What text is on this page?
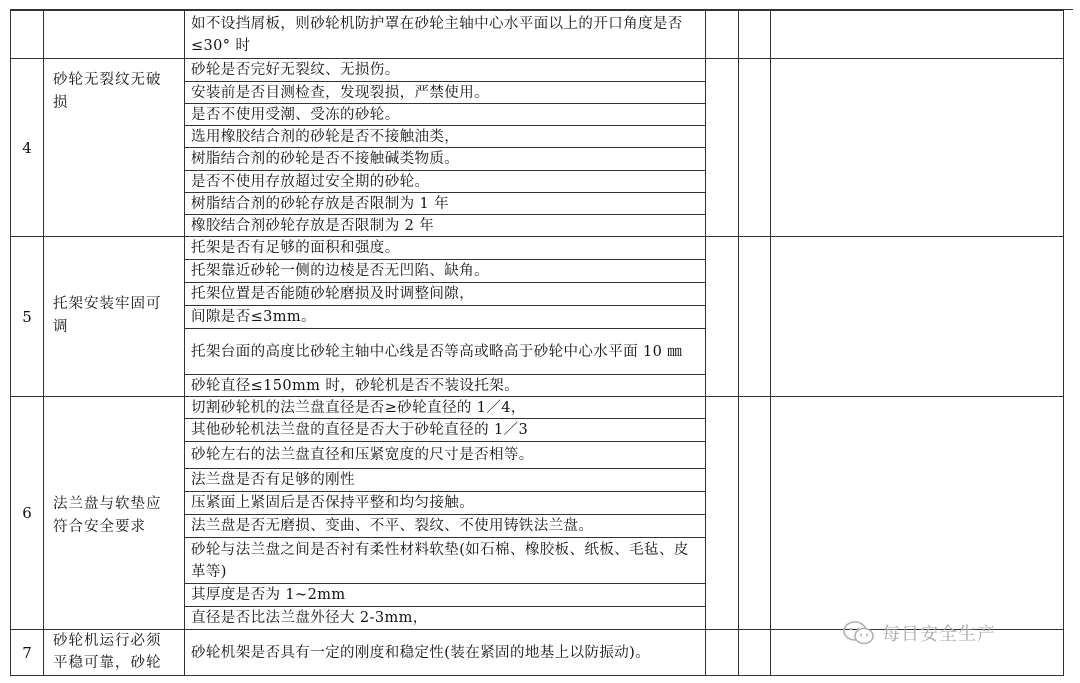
		如不设挡屑板，则砂轮机防护罩在砂轮主轴中心水平面以上的开口角度是否≤30° 时			
4	砂轮无裂纹无破损	砂轮是否完好无裂纹、无损伤。			
		安装前是否目测检查，发现裂损，严禁使用。			
		是否不使用受潮、受冻的砂轮。			
		选用橡胶结合剂的砂轮是否不接触油类，			
		树脂结合剂的砂轮是否不接触碱类物质。			
		是否不使用存放超过安全期的砂轮。			
		树脂结合剂的砂轮存放是否限制为 1 年			
		橡胶结合剂砂轮存放是否限制为 2 年			
5	托架安装牢固可调	托架是否有足够的面积和强度。			
		托架靠近砂轮一侧的边棱是否无凹陷、缺角。			
		托架位置是否能随砂轮磨损及时调整间隙，			
		间隙是否≤3mm。			
		托架台面的高度比砂轮主轴中心线是否等高或略高于砂轮中心水平面 10 ㎜			
		砂轮直径≤150mm 时，砂轮机是否不装设托架。			
6	法兰盘与软垫应符合安全要求	切割砂轮机的法兰盘直径是否≥砂轮直径的 1／4，			
		其他砂轮机法兰盘的直径是否大于砂轮直径的 1／3			
		砂轮左右的法兰盘直径和压紧宽度的尺寸是否相等。			
		法兰盘是否有足够的刚性			
		压紧面上紧固后是否保持平整和均匀接触。			
		法兰盘是否无磨损、变曲、不平、裂纹、不使用铸铁法兰盘。			
		砂轮与法兰盘之间是否衬有柔性材料软垫(如石棉、橡胶板、纸板、毛毡、皮革等)			
		其厚度是否为 1~2mm			
		直径是否比法兰盘外径大 2-3mm，			
7	砂轮机运行必须平稳可靠，砂轮	砂轮机架是否具有一定的刚度和稳定性(装在紧固的地基上以防振动)。			
每日安全生产
